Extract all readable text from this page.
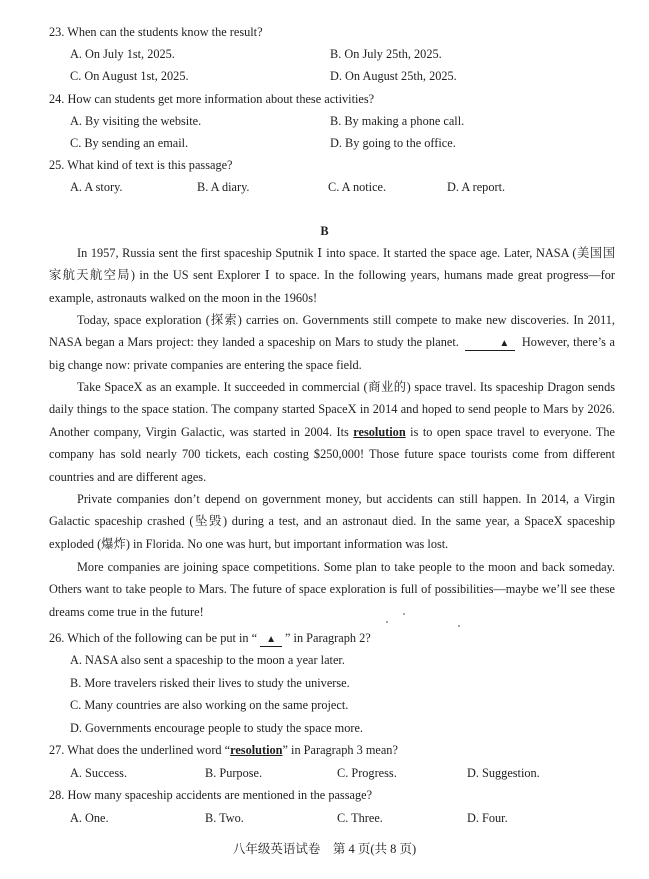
23. When can the students know the result?
A. On July 1st, 2025.	B. On July 25th, 2025.
C. On August 1st, 2025.	D. On August 25th, 2025.
24. How can students get more information about these activities?
A. By visiting the website.	B. By making a phone call.
C. By sending an email.	D. By going to the office.
25. What kind of text is this passage?
A. A story.	B. A diary.	C. A notice.	D. A report.
B
In 1957, Russia sent the first spaceship Sputnik Ⅰ into space. It started the space age. Later, NASA (美国国家航天航空局) in the US sent Explorer Ⅰ to space. In the following years, humans made great progress—for example, astronauts walked on the moon in the 1960s!
Today, space exploration (探索) carries on. Governments still compete to make new discoveries. In 2011, NASA began a Mars project: they landed a spaceship on Mars to study the planet.	▲ However, there’s a big change now: private companies are entering the space field.
Take SpaceX as an example. It succeeded in commercial (商业的) space travel. Its spaceship Dragon sends daily things to the space station. The company started SpaceX in 2014 and hoped to send people to Mars by 2026. Another company, Virgin Galactic, was started in 2004. Its resolution is to open space travel to everyone. The company has sold nearly 700 tickets, each costing $250,000! Those future space tourists come from different countries and are different ages.
Private companies don’t depend on government money, but accidents can still happen. In 2014, a Virgin Galactic spaceship crashed (坠毁) during a test, and an astronaut died. In the same year, a SpaceX spaceship exploded (爆炸) in Florida. No one was hurt, but important information was lost.
More companies are joining space competitions. Some plan to take people to the moon and back someday. Others want to take people to Mars. The future of space exploration is full of possibilities—maybe we’ll see these dreams come true in the future!
26. Which of the following can be put in “ ▲ ” in Paragraph 2?
A. NASA also sent a spaceship to the moon a year later.
B. More travelers risked their lives to study the universe.
C. Many countries are also working on the same project.
D. Governments encourage people to study the space more.
27. What does the underlined word “resolution” in Paragraph 3 mean?
A. Success.	B. Purpose.	C. Progress.	D. Suggestion.
28. How many spaceship accidents are mentioned in the passage?
A. One.	B. Two.	C. Three.	D. Four.
八年级英语试卷　第 4 页(共 8 页)
